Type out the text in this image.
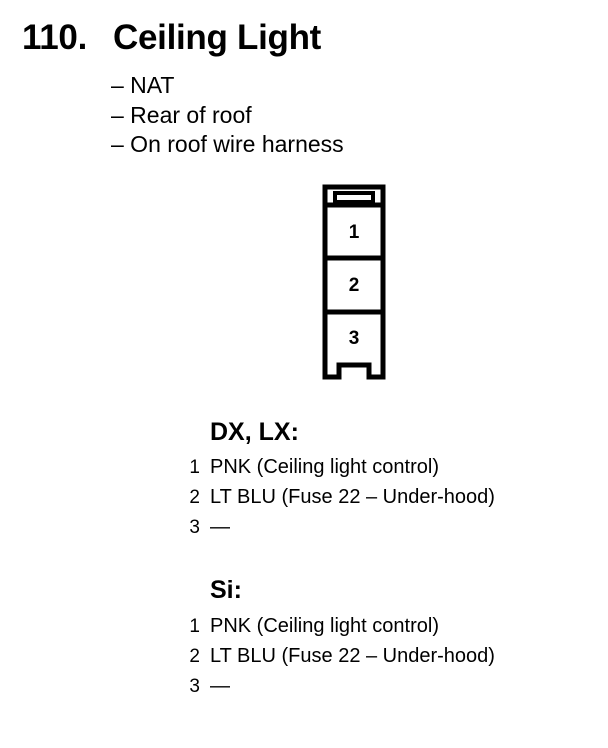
110. Ceiling Light
– NAT
– Rear of roof
– On roof wire harness
1
2
3
DX, LX:
1 PNK (Ceiling light control)
2 LT BLU (Fuse 22 – Under-hood)
3 —
Si:
1 PNK (Ceiling light control)
2 LT BLU (Fuse 22 – Under-hood)
3 —
